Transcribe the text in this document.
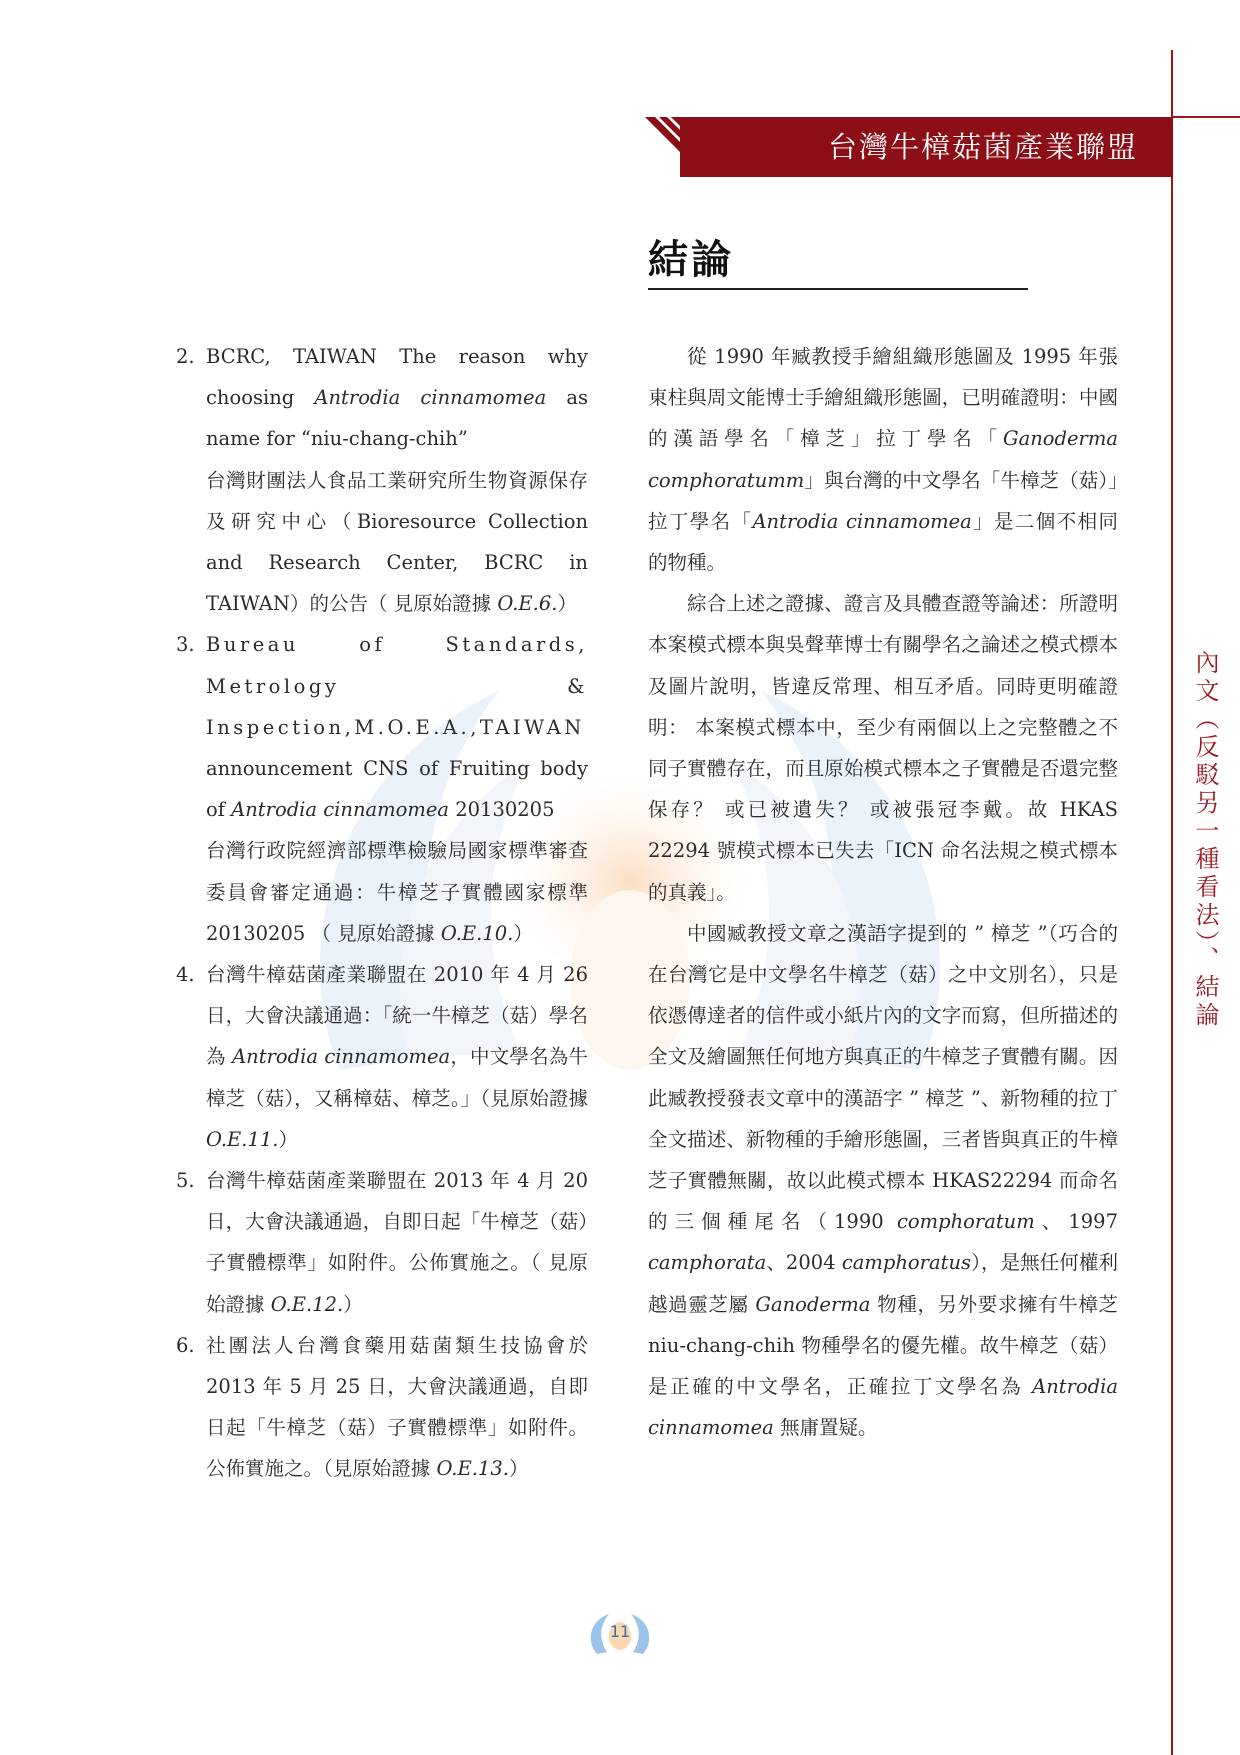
台灣牛樟菇菌產業聯盟
結論
2. BCRC, TAIWAN The reason why choosing Antrodia cinnamomea as name for “niu-chang-chih”

台灣財團法人食品工業研究所生物資源保存及研究中心（Bioresource Collection and Research Center, BCRC in TAIWAN）的公告（ 見原始證據 O.E.6.）

3. Bureau of Standards, Metrology & Inspection,M.O.E.A.,TAIWAN announcement CNS of Fruiting body of Antrodia cinnamomea 20130205

台灣行政院經濟部標準檢驗局國家標準審查委員會審定通過：牛樟芝子實體國家標準 20130205 （ 見原始證據 O.E.10.）

4. 台灣牛樟菇菌產業聯盟在 2010 年 4 月 26 日，大會決議通過：「統一牛樟芝（菇）學名為 Antrodia cinnamomea，中文學名為牛樟芝（菇），又稱樟菇、樟芝。」（見原始證據 O.E.11.）

5. 台灣牛樟菇菌產業聯盟在 2013 年 4 月 20 日，大會決議通過，自即日起「牛樟芝（菇）子實體標準」如附件。公佈實施之。（ 見原始證據 O.E.12.）

6. 社團法人台灣食藥用菇菌類生技協會於 2013 年 5 月 25 日，大會決議通過，自即日起「牛樟芝（菇）子實體標準」如附件。公佈實施之。（見原始證據 O.E.13.）

從 1990 年臧教授手繪組織形態圖及 1995 年張東柱與周文能博士手繪組織形態圖，已明確證明：中國的漢語學名「樟芝」拉丁學名「Ganoderma comphoratumm」與台灣的中文學名「牛樟芝（菇）」拉丁學名「Antrodia cinnamomea」是二個不相同的物種。

綜合上述之證據、證言及具體查證等論述：所證明本案模式標本與吳聲華博士有關學名之論述之模式標本及圖片說明，皆違反常理、相互矛盾。同時更明確證明： 本案模式標本中，至少有兩個以上之完整體之不同子實體存在，而且原始模式標本之子實體是否還完整保存？ 或已被遺失？ 或被張冠李戴。故 HKAS 22294 號模式標本已失去「ICN 命名法規之模式標本的真義」。

中國臧教授文章之漢語字提到的 ” 樟芝 ”（巧合的在台灣它是中文學名牛樟芝（菇）之中文別名），只是依憑傳達者的信件或小紙片內的文字而寫，但所描述的全文及繪圖無任何地方與真正的牛樟芝子實體有關。因此臧教授發表文章中的漢語字 ” 樟芝 ”、新物種的拉丁全文描述、新物種的手繪形態圖，三者皆與真正的牛樟芝子實體無關，故以此模式標本 HKAS22294 而命名的三個種尾名（1990 comphoratum、1997 camphorata、2004 camphoratus），是無任何權利越過靈芝屬 Ganoderma 物種，另外要求擁有牛樟芝 niu-chang-chih 物種學名的優先權。故牛樟芝（菇）是正確的中文學名，正確拉丁文學名為 Antrodia cinnamomea 無庸置疑。

內文（反駁另一種看法）、結論
11
